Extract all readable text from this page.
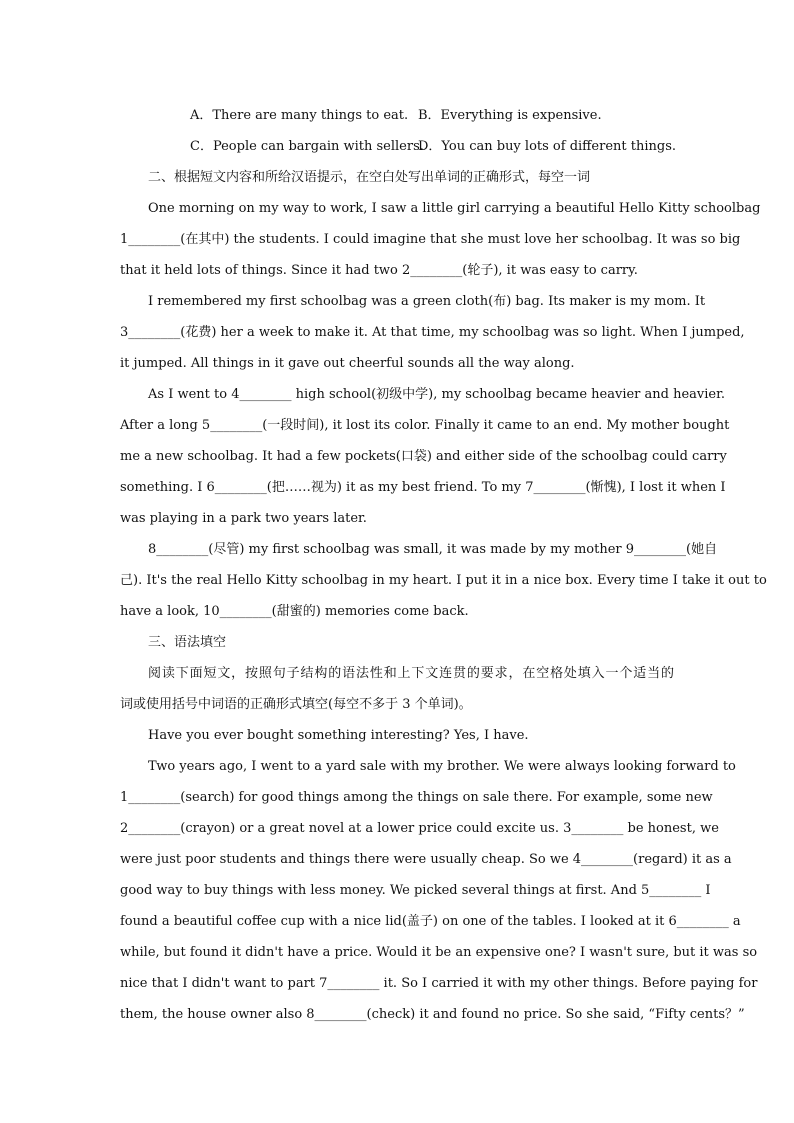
A．There are many things to eat. B．Everything is expensive.
C．People can bargain with sellers.D．You can buy lots of different things.
二、根据短文内容和所给汉语提示，在空白处写出单词的正确形式，每空一词
One morning on my way to work, I saw a little girl carrying a beautiful Hello Kitty schoolbag
1________(在其中) the students. I could imagine that she must love her schoolbag. It was so big
that it held lots of things. Since it had two 2________(轮子), it was easy to carry.
I remembered my first schoolbag was a green cloth(布) bag. Its maker is my mom. It
3________(花费) her a week to make it. At that time, my schoolbag was so light. When I jumped,
it jumped. All things in it gave out cheerful sounds all the way along.
As I went to 4________ high school(初级中学), my schoolbag became heavier and heavier.
After a long 5________(一段时间), it lost its color. Finally it came to an end. My mother bought
me a new schoolbag. It had a few pockets(口袋) and either side of the schoolbag could carry
something. I 6________(把……视为) it as my best friend. To my 7________(惭愧), I lost it when I
was playing in a park two years later.
8________(尽管) my first schoolbag was small, it was made by my mother 9________(她自
己). It's the real Hello Kitty schoolbag in my heart. I put it in a nice box. Every time I take it out to
have a look, 10________(甜蜜的) memories come back.
三、语法填空
阅读下面短文，按照句子结构的语法性和上下文连贯的要求，在空格处填入一个适当的
词或使用括号中词语的正确形式填空(每空不多于 3 个单词)。
Have you ever bought something interesting? Yes, I have.
Two years ago, I went to a yard sale with my brother. We were always looking forward to
1________(search) for good things among the things on sale there. For example, some new
2________(crayon) or a great novel at a lower price could excite us. 3________ be honest, we
were just poor students and things there were usually cheap. So we 4________(regard) it as a
good way to buy things with less money. We picked several things at first. And 5________ I
found a beautiful coffee cup with a nice lid(盖子) on one of the tables. I looked at it 6________ a
while, but found it didn't have a price. Would it be an expensive one? I wasn't sure, but it was so
nice that I didn't want to part 7________ it. So I carried it with my other things. Before paying for
them, the house owner also 8________(check) it and found no price. So she said, “Fifty cents？”
